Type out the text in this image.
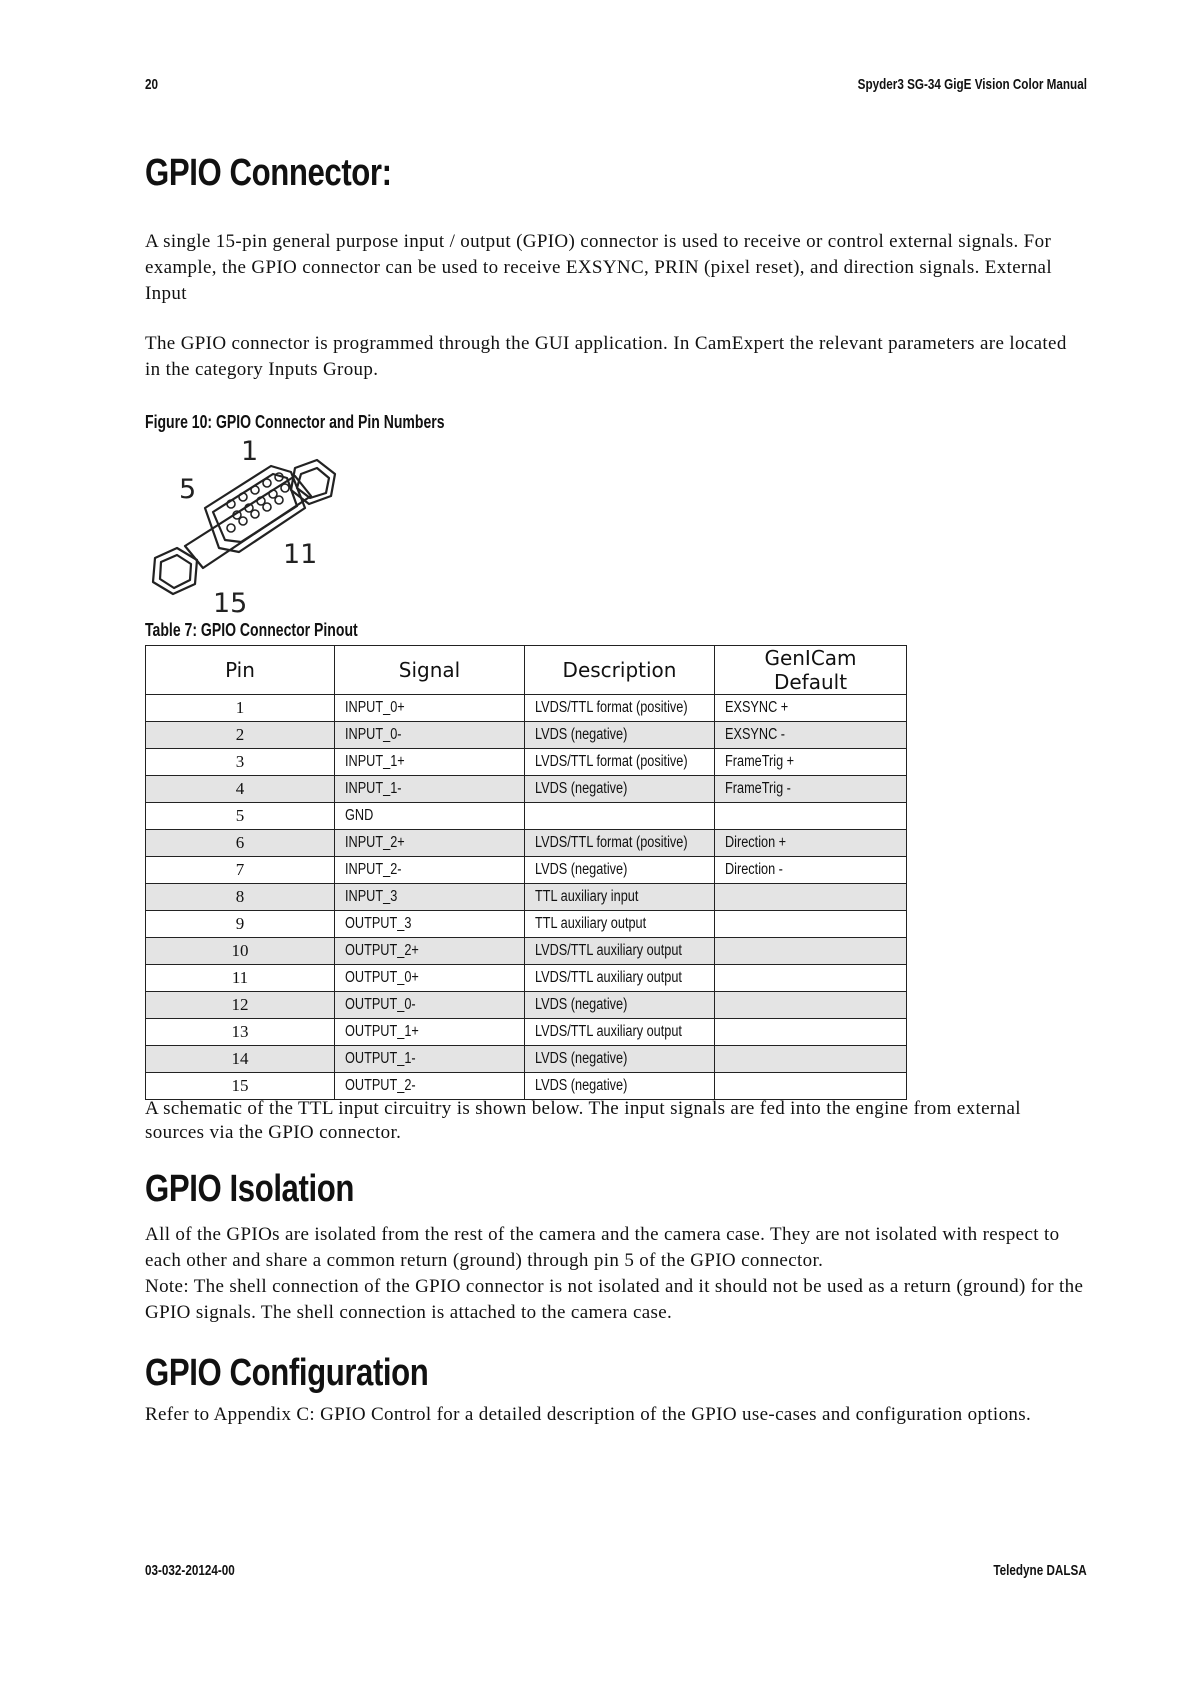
20	Spyder3 SG-34 GigE Vision Color Manual
GPIO Connector:

A single 15-pin general purpose input / output (GPIO) connector is used to receive or control external signals. For example, the GPIO connector can be used to receive EXSYNC, PRIN (pixel reset), and direction signals. External Input

The GPIO connector is programmed through the GUI application. In CamExpert the relevant parameters are located in the category Inputs Group.

Figure 10: GPIO Connector and Pin Numbers
1
5
11
15
Table 7: GPIO Connector Pinout
Pin	Signal	Description	GenICam Default
1	INPUT_0+	LVDS/TTL format (positive)	EXSYNC +
2	INPUT_0-	LVDS (negative)	EXSYNC -
3	INPUT_1+	LVDS/TTL format (positive)	FrameTrig +
4	INPUT_1-	LVDS (negative)	FrameTrig -
5	GND		
6	INPUT_2+	LVDS/TTL format (positive)	Direction +
7	INPUT_2-	LVDS (negative)	Direction -
8	INPUT_3	TTL auxiliary input	
9	OUTPUT_3	TTL auxiliary output	
10	OUTPUT_2+	LVDS/TTL auxiliary output	
11	OUTPUT_0+	LVDS/TTL auxiliary output	
12	OUTPUT_0-	LVDS (negative)	
13	OUTPUT_1+	LVDS/TTL auxiliary output	
14	OUTPUT_1-	LVDS (negative)	
15	OUTPUT_2-	LVDS (negative)	

A schematic of the TTL input circuitry is shown below. The input signals are fed into the engine from external sources via the GPIO connector.

GPIO Isolation

All of the GPIOs are isolated from the rest of the camera and the camera case. They are not isolated with respect to each other and share a common return (ground) through pin 5 of the GPIO connector.

Note: The shell connection of the GPIO connector is not isolated and it should not be used as a return (ground) for the GPIO signals. The shell connection is attached to the camera case.

GPIO Configuration

Refer to Appendix C: GPIO Control for a detailed description of the GPIO use-cases and configuration options.

03-032-20124-00	Teledyne DALSA
